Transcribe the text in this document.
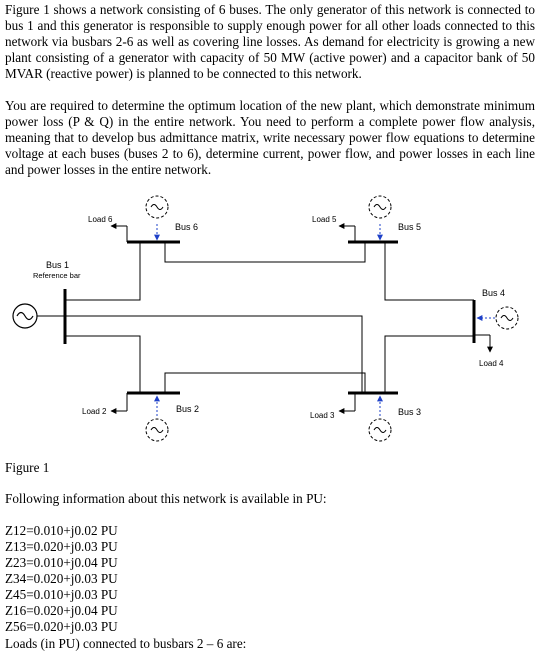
Figure 1 shows a network consisting of 6 buses. The only generator of this network is connected to bus 1 and this generator is responsible to supply enough power for all other loads connected to this network via busbars 2-6 as well as covering line losses. As demand for electricity is growing a new plant consisting of a generator with capacity of 50 MW (active power) and a capacitor bank of 50 MVAR (reactive power) is planned to be connected to this network.

You are required to determine the optimum location of the new plant, which demonstrate minimum power loss (P & Q) in the entire network. You need to perform a complete power flow analysis, meaning that to develop bus admittance matrix, write necessary power flow equations to determine voltage at each buses (buses 2 to 6), determine current, power flow, and power losses in each line and power losses in the entire network.

Load 6
Bus 6
Load 5
Bus 5
Bus 1
Reference bar
Bus 4
Load 4
Load 2	Bus 2
Load 3	Bus 3

Figure 1

Following information about this network is available in PU:

Z12=0.010+j0.02 PU

Z13=0.020+j0.03 PU

Z23=0.010+j0.04 PU

Z34=0.020+j0.03 PU

Z45=0.010+j0.03 PU

Z16=0.020+j0.04 PU

Z56=0.020+j0.03 PU

Loads (in PU) connected to busbars 2 – 6 are:
